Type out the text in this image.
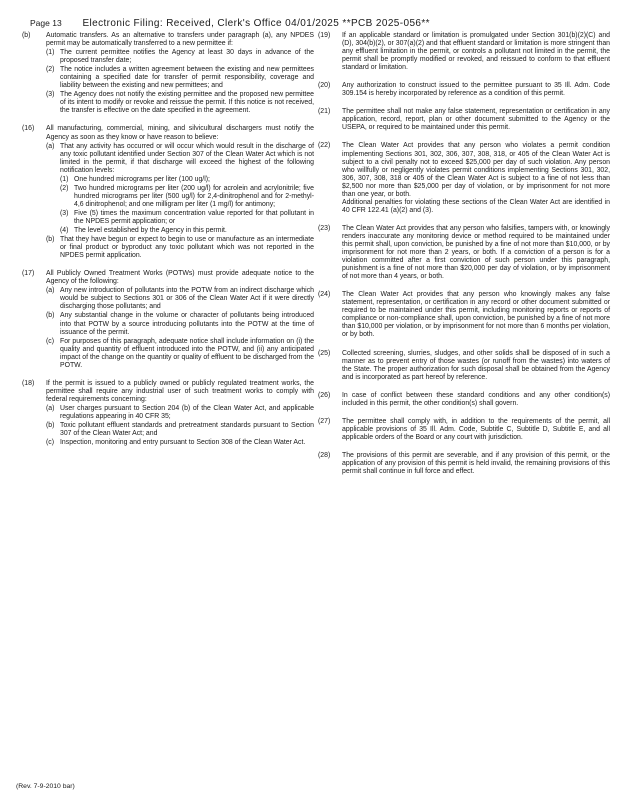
Page 13 Electronic Filing: Received, Clerk's Office 04/01/2025 **PCB 2025-056**
(b) Automatic transfers. As an alternative to transfers under paragraph (a), any NPDES permit may be automatically transferred to a new permittee if:
(1) The current permittee notifies the Agency at least 30 days in advance of the proposed transfer date;
(2) The notice includes a written agreement between the existing and new permittees containing a specified date for transfer of permit responsibility, coverage and liability between the existing and new permittees; and
(3) The Agency does not notify the existing permittee and the proposed new permittee of its intent to modify or revoke and reissue the permit. If this notice is not received, the transfer is effective on the date specified in the agreement.
(16) All manufacturing, commercial, mining, and silvicultural dischargers must notify the Agency as soon as they know or have reason to believe:
(a) That any activity has occurred or will occur which would result in the discharge of any toxic pollutant identified under Section 307 of the Clean Water Act which is not limited in the permit, if that discharge will exceed the highest of the following notification levels:
(1) One hundred micrograms per liter (100 ug/l);
(2) Two hundred micrograms per liter (200 ug/l) for acrolein and acrylonitrile; five hundred micrograms per liter (500 ug/l) for 2,4-dinitrophenol and for 2-methyl-4,6 dinitrophenol; and one milligram per liter (1 mg/l) for antimony;
(3) Five (5) times the maximum concentration value reported for that pollutant in the NPDES permit application; or
(4) The level established by the Agency in this permit.
(b) That they have begun or expect to begin to use or manufacture as an intermediate or final product or byproduct any toxic pollutant which was not reported in the NPDES permit application.
(17) All Publicly Owned Treatment Works (POTWs) must provide adequate notice to the Agency of the following:
(a) Any new introduction of pollutants into the POTW from an indirect discharge which would be subject to Sections 301 or 306 of the Clean Water Act if it were directly discharging those pollutants; and
(b) Any substantial change in the volume or character of pollutants being introduced into that POTW by a source introducing pollutants into the POTW at the time of issuance of the permit.
(c) For purposes of this paragraph, adequate notice shall include information on (i) the quality and quantity of effluent introduced into the POTW, and (ii) any anticipated impact of the change on the quantity or quality of effluent to be discharged from the POTW.
(18) If the permit is issued to a publicly owned or publicly regulated treatment works, the permittee shall require any industrial user of such treatment works to comply with federal requirements concerning:
(a) User charges pursuant to Section 204 (b) of the Clean Water Act, and applicable regulations appearing in 40 CFR 35;
(b) Toxic pollutant effluent standards and pretreatment standards pursuant to Section 307 of the Clean Water Act; and
(c) Inspection, monitoring and entry pursuant to Section 308 of the Clean Water Act.
(19) If an applicable standard or limitation is promulgated under Section 301(b)(2)(C) and (D), 304(b)(2), or 307(a)(2) and that effluent standard or limitation is more stringent than any effluent limitation in the permit, or controls a pollutant not limited in the permit, the permit shall be promptly modified or revoked, and reissued to conform to that effluent standard or limitation.
(20) Any authorization to construct issued to the permittee pursuant to 35 Ill. Adm. Code 309.154 is hereby incorporated by reference as a condition of this permit.
(21) The permittee shall not make any false statement, representation or certification in any application, record, report, plan or other document submitted to the Agency or the USEPA, or required to be maintained under this permit.
(22) The Clean Water Act provides that any person who violates a permit condition implementing Sections 301, 302, 306, 307, 308, 318, or 405 of the Clean Water Act is subject to a civil penalty not to exceed $25,000 per day of such violation. Any person who willfully or negligently violates permit conditions implementing Sections 301, 302, 306, 307, 308, 318 or 405 of the Clean Water Act is subject to a fine of not less than $2,500 nor more than $25,000 per day of violation, or by imprisonment for not more than one year, or both.
Additional penalties for violating these sections of the Clean Water Act are identified in 40 CFR 122.41 (a)(2) and (3).
(23) The Clean Water Act provides that any person who falsifies, tampers with, or knowingly renders inaccurate any monitoring device or method required to be maintained under this permit shall, upon conviction, be punished by a fine of not more than $10,000, or by imprisonment for not more than 2 years, or both. If a conviction of a person is for a violation committed after a first conviction of such person under this paragraph, punishment is a fine of not more than $20,000 per day of violation, or by imprisonment of not more than 4 years, or both.
(24) The Clean Water Act provides that any person who knowingly makes any false statement, representation, or certification in any record or other document submitted or required to be maintained under this permit, including monitoring reports or reports of compliance or non-compliance shall, upon conviction, be punished by a fine of not more than $10,000 per violation, or by imprisonment for not more than 6 months per violation, or by both.
(25) Collected screening, slurries, sludges, and other solids shall be disposed of in such a manner as to prevent entry of those wastes (or runoff from the wastes) into waters of the State. The proper authorization for such disposal shall be obtained from the Agency and is incorporated as part hereof by reference.
(26) In case of conflict between these standard conditions and any other condition(s) included in this permit, the other condition(s) shall govern.
(27) The permittee shall comply with, in addition to the requirements of the permit, all applicable provisions of 35 Ill. Adm. Code, Subtitle C, Subtitle D, Subtitle E, and all applicable orders of the Board or any court with jurisdiction.
(28) The provisions of this permit are severable, and if any provision of this permit, or the application of any provision of this permit is held invalid, the remaining provisions of this permit shall continue in full force and effect.
(Rev. 7-9-2010 bar)
